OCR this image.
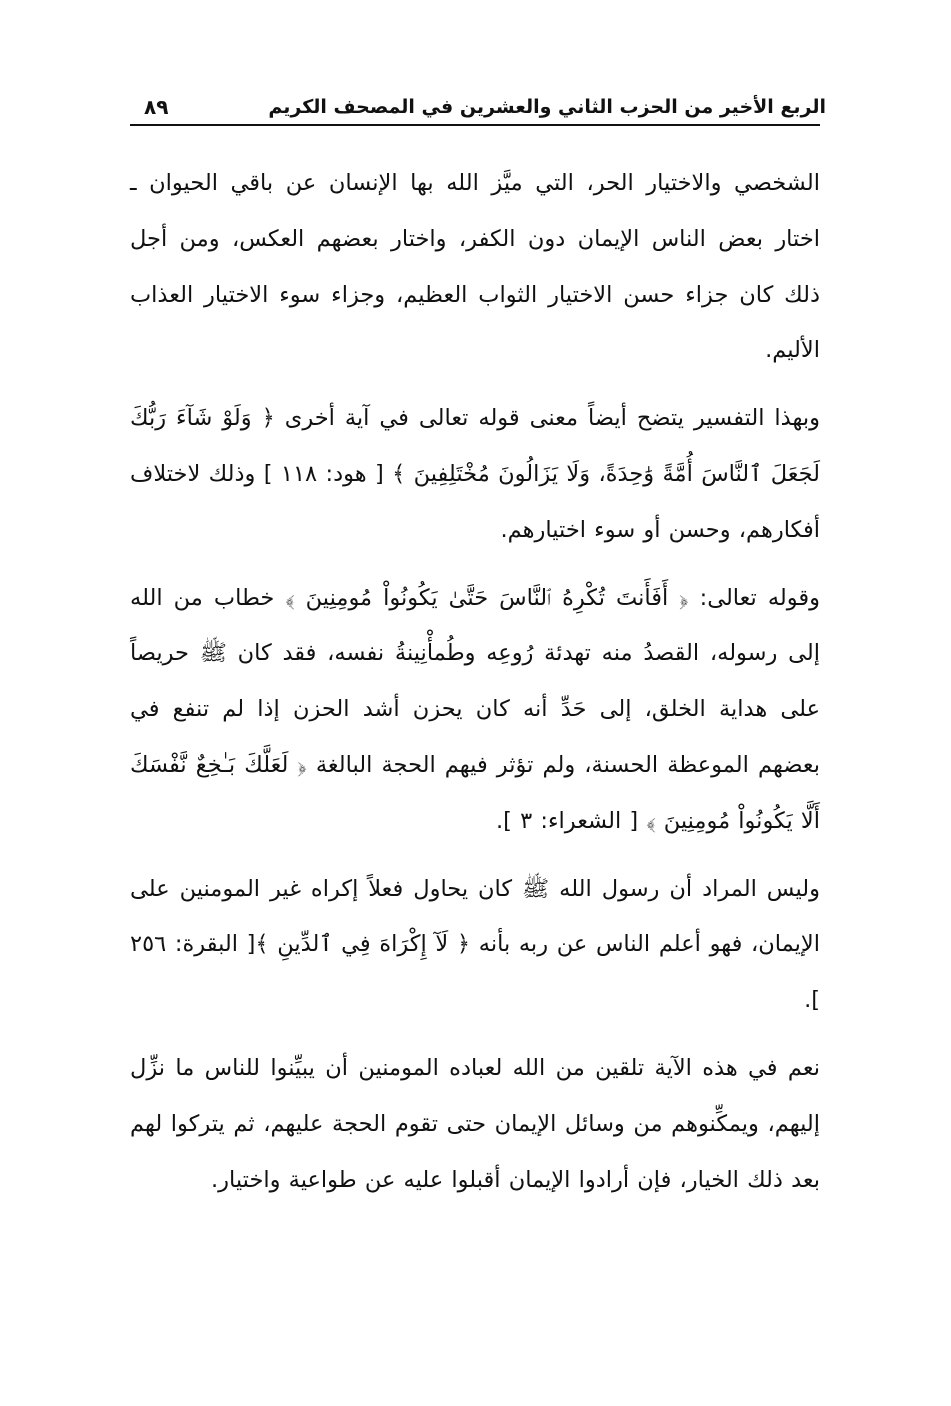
الربع الأخير من الحزب الثاني والعشرين في المصحف الكريم
٨٩

الشخصي والاختيار الحر، التي ميَّز الله بها الإنسان عن باقي الحيوان ـ اختار بعض الناس الإيمان دون الكفر، واختار بعضهم العكس، ومن أجل ذلك كان جزاء حسن الاختيار الثواب العظيم، وجزاء سوء الاختيار العذاب الأليم.

وبهذا التفسير يتضح أيضاً معنى قوله تعالى في آية أخرى ﴿ وَلَوْ شَآءَ رَبُّكَ لَجَعَلَ ٱلنَّاسَ أُمَّةً وَٰحِدَةً، وَلَا يَزَالُونَ مُخْتَلِفِينَ ﴾ [ هود: ١١٨ ] وذلك لاختلاف أفكارهم، وحسن أو سوء اختيارهم.

وقوله تعالى: ﴿ أَفَأَنتَ تُكْرِهُ ٱلنَّاسَ حَتَّىٰ يَكُونُواْ مُومِنِينَ ﴾ خطاب من الله إلى رسوله، القصدُ منه تهدئة رُوعِه وطُمأْنِينةُ نفسه، فقد كان ﷺ حريصاً على هداية الخلق، إلى حَدِّ أنه كان يحزن أشد الحزن إذا لم تنفع في بعضهم الموعظة الحسنة، ولم تؤثر فيهم الحجة البالغة ﴿ لَعَلَّكَ بَـٰخِعٌ نَّفْسَكَ أَلَّا يَكُونُواْ مُومِنِينَ ﴾ [ الشعراء: ٣ ].

وليس المراد أن رسول الله ﷺ كان يحاول فعلاً إكراه غير المومنين على الإيمان، فهو أعلم الناس عن ربه بأنه ﴿ لَآ إِكْرَاهَ فِي ٱلدِّينِ ﴾[ البقرة: ٢٥٦ ].

نعم في هذه الآية تلقين من الله لعباده المومنين أن يبيِّنوا للناس ما نزِّل إليهم، ويمكِّنوهم من وسائل الإيمان حتى تقوم الحجة عليهم، ثم يتركوا لهم بعد ذلك الخيار، فإن أرادوا الإيمان أقبلوا عليه عن طواعية واختيار.
